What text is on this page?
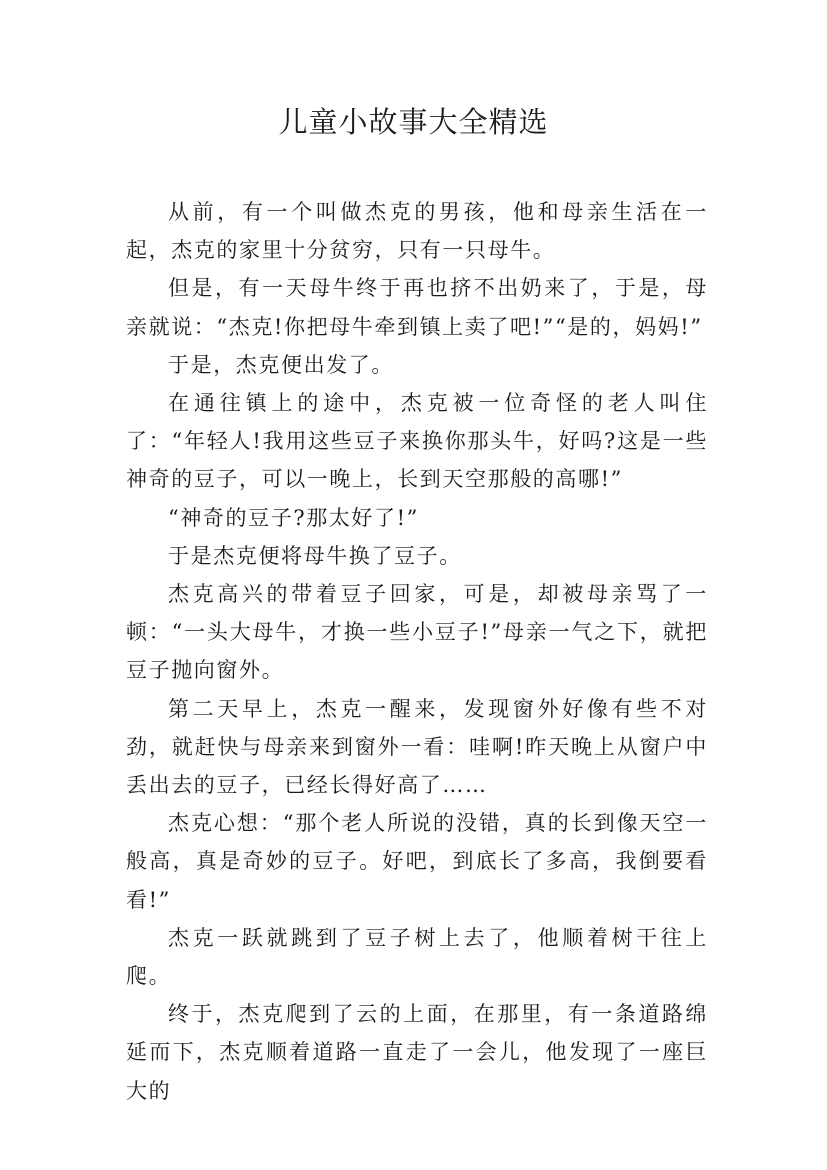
儿童小故事大全精选

从前，有一个叫做杰克的男孩，他和母亲生活在一起，杰克的家里十分贫穷，只有一只母牛。

但是，有一天母牛终于再也挤不出奶来了，于是，母亲就说：“杰克!你把母牛牵到镇上卖了吧!”“是的，妈妈!”

于是，杰克便出发了。

在通往镇上的途中，杰克被一位奇怪的老人叫住了：“年轻人!我用这些豆子来换你那头牛，好吗?这是一些神奇的豆子，可以一晚上，长到天空那般的高哪!”

“神奇的豆子?那太好了!”

于是杰克便将母牛换了豆子。

杰克高兴的带着豆子回家，可是，却被母亲骂了一顿：“一头大母牛，才换一些小豆子!”母亲一气之下，就把豆子抛向窗外。

第二天早上，杰克一醒来，发现窗外好像有些不对劲，就赶快与母亲来到窗外一看：哇啊!昨天晚上从窗户中丢出去的豆子，已经长得好高了……

杰克心想：“那个老人所说的没错，真的长到像天空一般高，真是奇妙的豆子。好吧，到底长了多高，我倒要看看!”

杰克一跃就跳到了豆子树上去了，他顺着树干往上爬。

终于，杰克爬到了云的上面，在那里，有一条道路绵延而下，杰克顺着道路一直走了一会儿，他发现了一座巨大的
